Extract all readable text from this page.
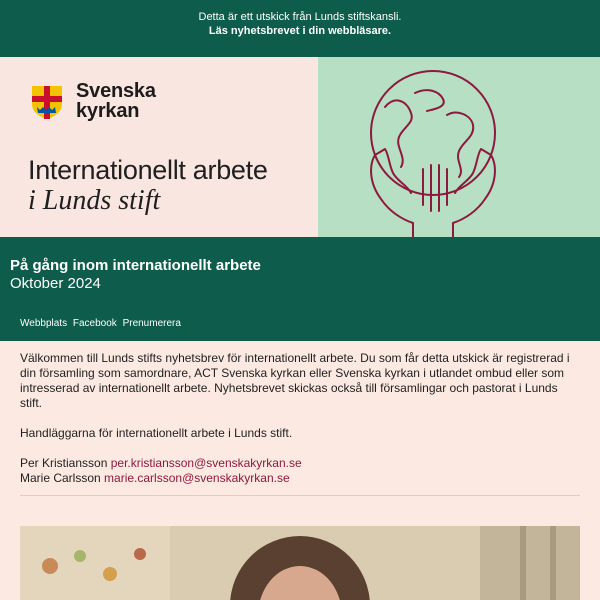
Detta är ett utskick från Lunds stiftskansli.
Läs nyhetsbrevet i din webbläsare.
Svenska
kyrkan
Internationellt arbete
i Lunds stift
På gång inom internationellt arbete
Oktober 2024
Webbplats Facebook Prenumerera

Välkommen till Lunds stifts nyhetsbrev för internationellt arbete. Du som får detta utskick är registrerad i din församling som samordnare, ACT Svenska kyrkan eller Svenska kyrkan i utlandet ombud eller som intresserad av internationellt arbete. Nyhetsbrevet skickas också till församlingar och pastorat i Lunds stift.

Handläggarna för internationellt arbete i Lunds stift.

Per Kristiansson per.kristiansson@svenskakyrkan.se
Marie Carlsson marie.carlsson@svenskakyrkan.se
